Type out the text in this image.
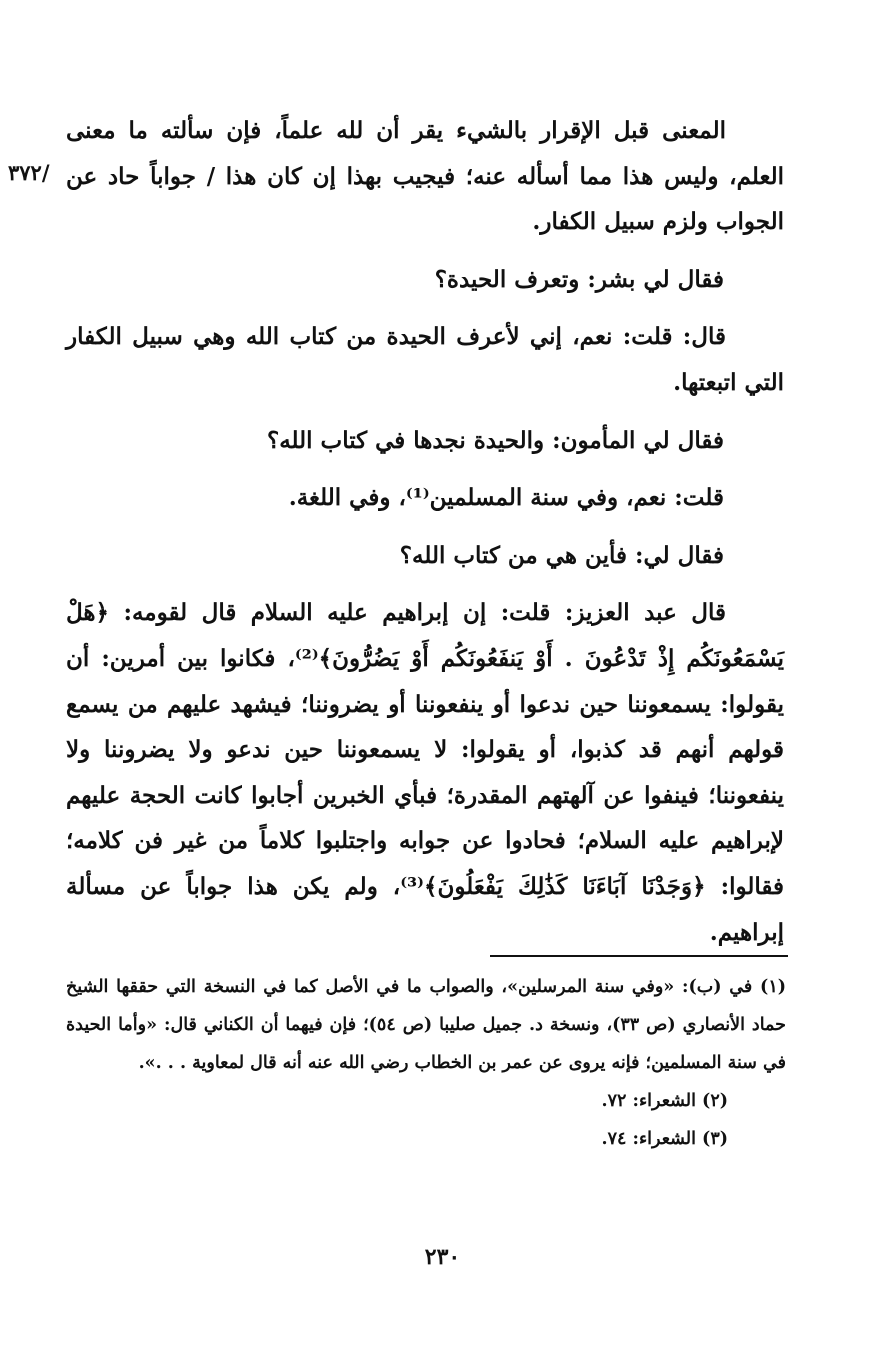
/٣٧٢

المعنى قبل الإقرار بالشيء يقر أن لله علماً، فإن سألته ما معنى العلم، وليس هذا مما أسأله عنه؛ فيجيب بهذا إن كان هذا / جواباً حاد عن الجواب ولزم سبيل الكفار.

فقال لي بشر: وتعرف الحيدة؟

قال: قلت: نعم، إني لأعرف الحيدة من كتاب الله وهي سبيل الكفار التي اتبعتها.

فقال لي المأمون: والحيدة نجدها في كتاب الله؟

قلت: نعم، وفي سنة المسلمين⁽¹⁾، وفي اللغة.

فقال لي: فأين هي من كتاب الله؟

قال عبد العزيز: قلت: إن إبراهيم عليه السلام قال لقومه: ﴿هَلْ يَسْمَعُونَكُم إِذْ تَدْعُونَ . أَوْ يَنفَعُونَكُم أَوْ يَضُرُّونَ﴾⁽²⁾، فكانوا بين أمرين: أن يقولوا: يسمعوننا حين ندعوا أو ينفعوننا أو يضروننا؛ فيشهد عليهم من يسمع قولهم أنهم قد كذبوا، أو يقولوا: لا يسمعوننا حين ندعو ولا يضروننا ولا ينفعوننا؛ فينفوا عن آلهتهم المقدرة؛ فبأي الخبرين أجابوا كانت الحجة عليهم لإبراهيم عليه السلام؛ فحادوا عن جوابه واجتلبوا كلاماً من غير فن كلامه؛ فقالوا: ﴿وَجَدْنَا آبَاءَنَا كَذَٰلِكَ يَفْعَلُونَ﴾⁽³⁾، ولم يكن هذا جواباً عن مسألة إبراهيم.

(١) في (ب): «وفي سنة المرسلين»، والصواب ما في الأصل كما في النسخة التي حققها الشيخ حماد الأنصاري (ص ٣٣)، ونسخة د. جميل صليبا (ص ٥٤)؛ فإن فيهما أن الكناني قال: «وأما الحيدة في سنة المسلمين؛ فإنه يروى عن عمر بن الخطاب رضي الله عنه أنه قال لمعاوية . . .».

(٢) الشعراء: ٧٢.

(٣) الشعراء: ٧٤.

٢٣٠
